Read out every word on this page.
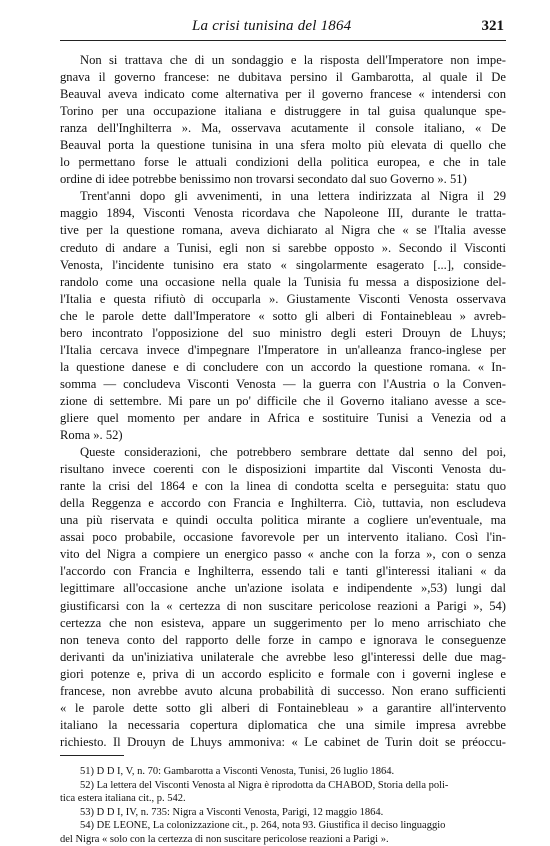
La crisi tunisina del 1864	321
Non si trattava che di un sondaggio e la risposta dell'Imperatore non impe-
gnava il governo francese: ne dubitava persino il Gambarotta, al quale il De
Beauval aveva indicato come alternativa per il governo francese « intendersi con
Torino per una occupazione italiana e distruggere in tal guisa qualunque spe-
ranza dell'Inghilterra ». Ma, osservava acutamente il console italiano, « De
Beauval porta la questione tunisina in una sfera molto più elevata di quello che
lo permettano forse le attuali condizioni della politica europea, e che in tale
ordine di idee potrebbe benissimo non trovarsi secondato dal suo Governo ». 51)
Trent'anni dopo gli avvenimenti, in una lettera indirizzata al Nigra il 29
maggio 1894, Visconti Venosta ricordava che Napoleone III, durante le tratta-
tive per la questione romana, aveva dichiarato al Nigra che « se l'Italia avesse
creduto di andare a Tunisi, egli non si sarebbe opposto ». Secondo il Visconti
Venosta, l'incidente tunisino era stato « singolarmente esagerato [...], conside-
randolo come una occasione nella quale la Tunisia fu messa a disposizione del-
l'Italia e questa rifiutò di occuparla ». Giustamente Visconti Venosta osservava
che le parole dette dall'Imperatore « sotto gli alberi di Fontainebleau » avreb-
bero incontrato l'opposizione del suo ministro degli esteri Drouyn de Lhuys;
l'Italia cercava invece d'impegnare l'Imperatore in un'alleanza franco-inglese per
la questione danese e di concludere con un accordo la questione romana. « In-
somma — concludeva Visconti Venosta — la guerra con l'Austria o la Conven-
zione di settembre. Mi pare un po' difficile che il Governo italiano avesse a sce-
gliere quel momento per andare in Africa e sostituire Tunisi a Venezia od a
Roma ». 52)
Queste considerazioni, che potrebbero sembrare dettate dal senno del poi,
risultano invece coerenti con le disposizioni impartite dal Visconti Venosta du-
rante la crisi del 1864 e con la linea di condotta scelta e perseguita: statu quo
della Reggenza e accordo con Francia e Inghilterra. Ciò, tuttavia, non escludeva
una più riservata e quindi occulta politica mirante a cogliere un'eventuale, ma
assai poco probabile, occasione favorevole per un intervento italiano. Così l'in-
vito del Nigra a compiere un energico passo « anche con la forza », con o senza
l'accordo con Francia e Inghilterra, essendo tali e tanti gl'interessi italiani « da
legittimare all'occasione anche un'azione isolata e indipendente »,53) lungi dal
giustificarsi con la « certezza di non suscitare pericolose reazioni a Parigi », 54)
certezza che non esisteva, appare un suggerimento per lo meno arrischiato che
non teneva conto del rapporto delle forze in campo e ignorava le conseguenze
derivanti da un'iniziativa unilaterale che avrebbe leso gl'interessi delle due mag-
giori potenze e, priva di un accordo esplicito e formale con i governi inglese e
francese, non avrebbe avuto alcuna probabilità di successo. Non erano sufficienti
« le parole dette sotto gli alberi di Fontainebleau » a garantire all'intervento
italiano la necessaria copertura diplomatica che una simile impresa avrebbe
richiesto. Il Drouyn de Lhuys ammoniva: « Le cabinet de Turin doit se préoccu-
51) D D I, V, n. 70: Gambarotta a Visconti Venosta, Tunisi, 26 luglio 1864.
52) La lettera del Visconti Venosta al Nigra è riprodotta da CHABOD, Storia della poli-
tica estera italiana cit., p. 542.
53) D D I, IV, n. 735: Nigra a Visconti Venosta, Parigi, 12 maggio 1864.
54) DE LEONE, La colonizzazione cit., p. 264, nota 93. Giustifica il deciso linguaggio
del Nigra « solo con la certezza di non suscitare pericolose reazioni a Parigi ».
